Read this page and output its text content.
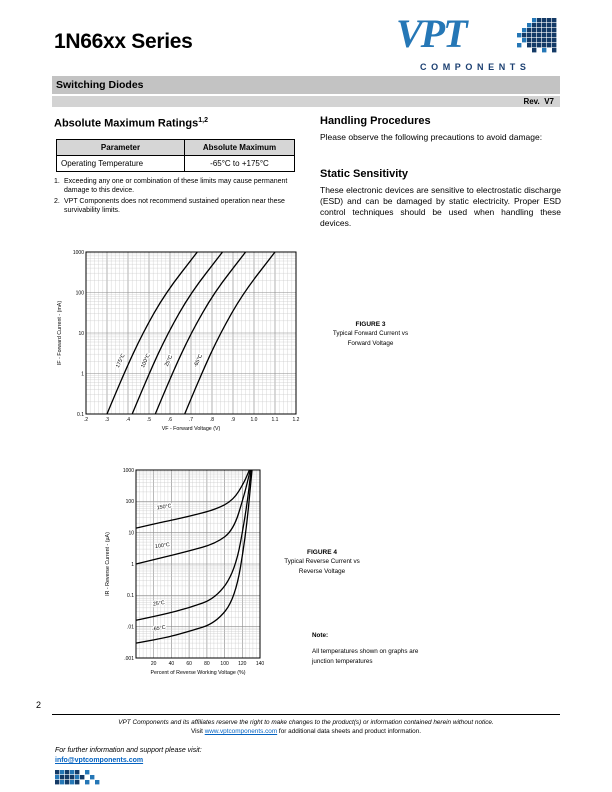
1N66xx Series	VPT
COMPONENTS
Switching Diodes
Rev.  V7
Absolute Maximum Ratings$^{1,2}$
Parameter	Absolute Maximum
Operating Temperature	-65°C to +175°C
1. Exceeding any one or combination of these limits may cause permanent damage to this device.
2. VPT Components does not recommend sustained operation near these survivability limits.
Handling Procedures
Please observe the following precautions to avoid damage:
Static Sensitivity
These electronic devices are sensitive to electrostatic discharge (ESD) and can be damaged by static electricity. Proper ESD control techniques should be used when handling these devices.
.2	.3	.4	.5	.6	.7	.8	.9	1.0	1.1	1.2
1000
100
10
1
0.1
VF - Forward Voltage (V)
IF - Forward Current - (mA)	175°C	100°C 25°C	-65°C
FIGURE 3
Typical Forward Current vs
Forward Voltage
20 40 60 80 100 120 140
1000
100
10
1
0.1
.01
.001
Percent of Reverse Working Voltage (%)
IR - Reverse Current - (µA)
150°C
100°C
25°C
-65°C
FIGURE 4
Typical Reverse Current vs
Reverse Voltage
Note:
All temperatures shown on graphs are
junction temperatures
2
VPT Components and its affiliates reserve the right to make changes to the product(s) or information contained herein without notice.
Visit www.vptcomponents.com for additional data sheets and product information.
For further information and support please visit:
info@vptcomponents.com
